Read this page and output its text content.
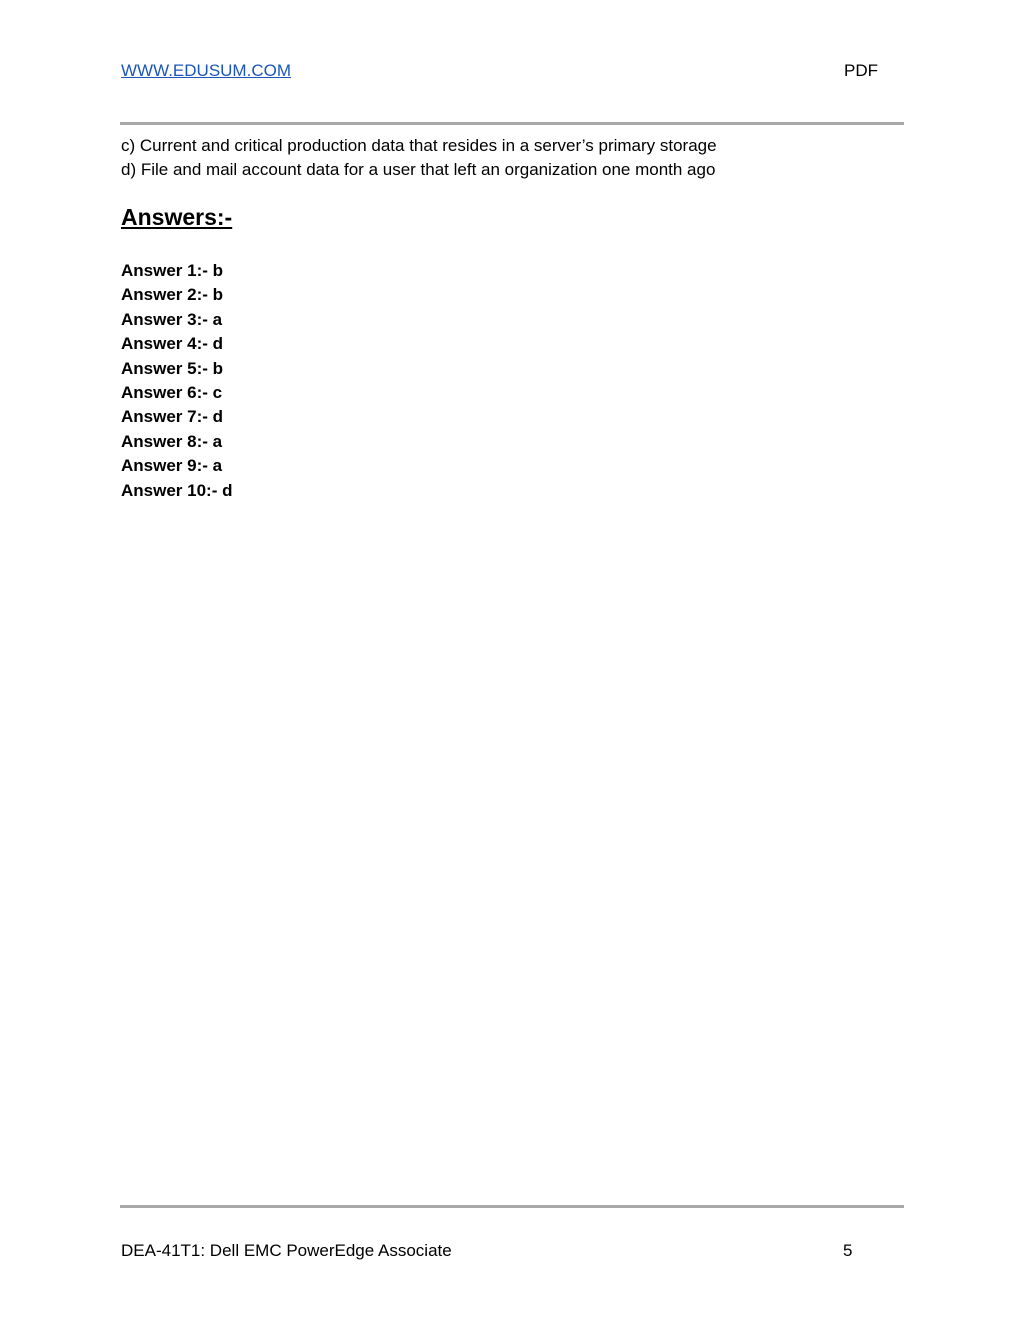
WWW.EDUSUM.COM	PDF
c) Current and critical production data that resides in a server’s primary storage
d) File and mail account data for a user that left an organization one month ago
Answers:-
Answer 1:- b
Answer 2:- b
Answer 3:- a
Answer 4:- d
Answer 5:- b
Answer 6:- c
Answer 7:- d
Answer 8:- a
Answer 9:- a
Answer 10:- d
DEA-41T1: Dell EMC PowerEdge Associate	5
